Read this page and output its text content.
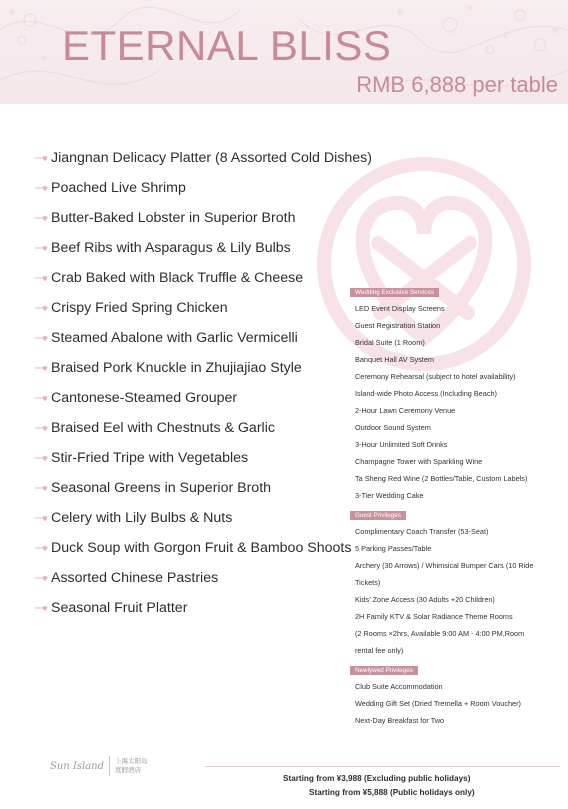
ETERNAL BLISS
RMB 6,888 per table
Jiangnan Delicacy Platter (8 Assorted Cold Dishes)
Poached Live Shrimp
Butter-Baked Lobster in Superior Broth
Beef Ribs with Asparagus & Lily Bulbs
Crab Baked with Black Truffle & Cheese
Crispy Fried Spring Chicken
Steamed Abalone with Garlic Vermicelli
Braised Pork Knuckle in Zhujiajiao Style
Cantonese-Steamed Grouper
Braised Eel with Chestnuts & Garlic
Stir-Fried Tripe with Vegetables
Seasonal Greens in Superior Broth
Celery with Lily Bulbs & Nuts
Duck Soup with Gorgon Fruit & Bamboo Shoots
Assorted Chinese Pastries
Seasonal Fruit Platter
Wedding Exclusive Services
LED Event Display Screens
Guest Registration Station
Bridal Suite (1 Room)
Banquet Hall AV System
Ceremony Rehearsal (subject to hotel availability)
Island-wide Photo Access (Including Beach)
2-Hour Lawn Ceremony Venue
Outdoor Sound System
3-Hour Unlimited Soft Drinks
Champagne Tower with Sparkling Wine
Ta Sheng Red Wine (2 Bottles/Table, Custom Labels)
3-Tier Wedding Cake
Guest Privileges
Complimentary Coach Transfer (53-Seat)
5 Parking Passes/Table
Archery (30 Arrows) / Whimsical Bumper Cars (10 Ride
Tickets)
Kids’ Zone Access (30 Adults +20 Children)
2H Family KTV & Solar Radiance Theme Rooms
(2 Rooms ×2hrs, Available 9:00 AM - 4:00 PM,Room
rental fee only)
Newlywed Privileges
Club Suite Accommodation
Wedding Gift Set (Dried Tremella + Room Voucher)
Next-Day Breakfast for Two
Sun Island 上海太阳岛
度假酒店
Starting from ¥3,988 (Excluding public holidays)
Starting from ¥5,888 (Public holidays only)
